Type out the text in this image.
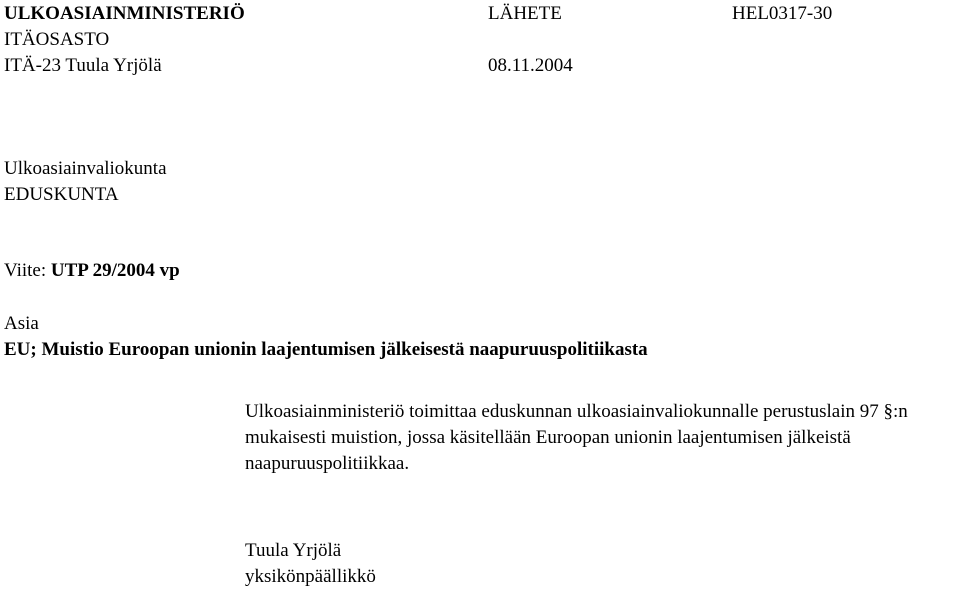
ULKOASIAINMINISTERIÖ	LÄHETE	HEL0317-30
ITÄOSASTO
ITÄ-23 Tuula Yrjölä	08.11.2004
Ulkoasiainvaliokunta
EDUSKUNTA
Viite: UTP 29/2004 vp
Asia
EU; Muistio Euroopan unionin laajentumisen jälkeisestä naapuruuspolitiikasta
Ulkoasiainministeriö toimittaa eduskunnan ulkoasiainvaliokunnalle perustuslain 97 §:n mukaisesti muistion, jossa käsitellään Euroopan unionin laajentumisen jälkeistä naapuruuspolitiikkaa.
Tuula Yrjölä
yksikönpäällikkö
